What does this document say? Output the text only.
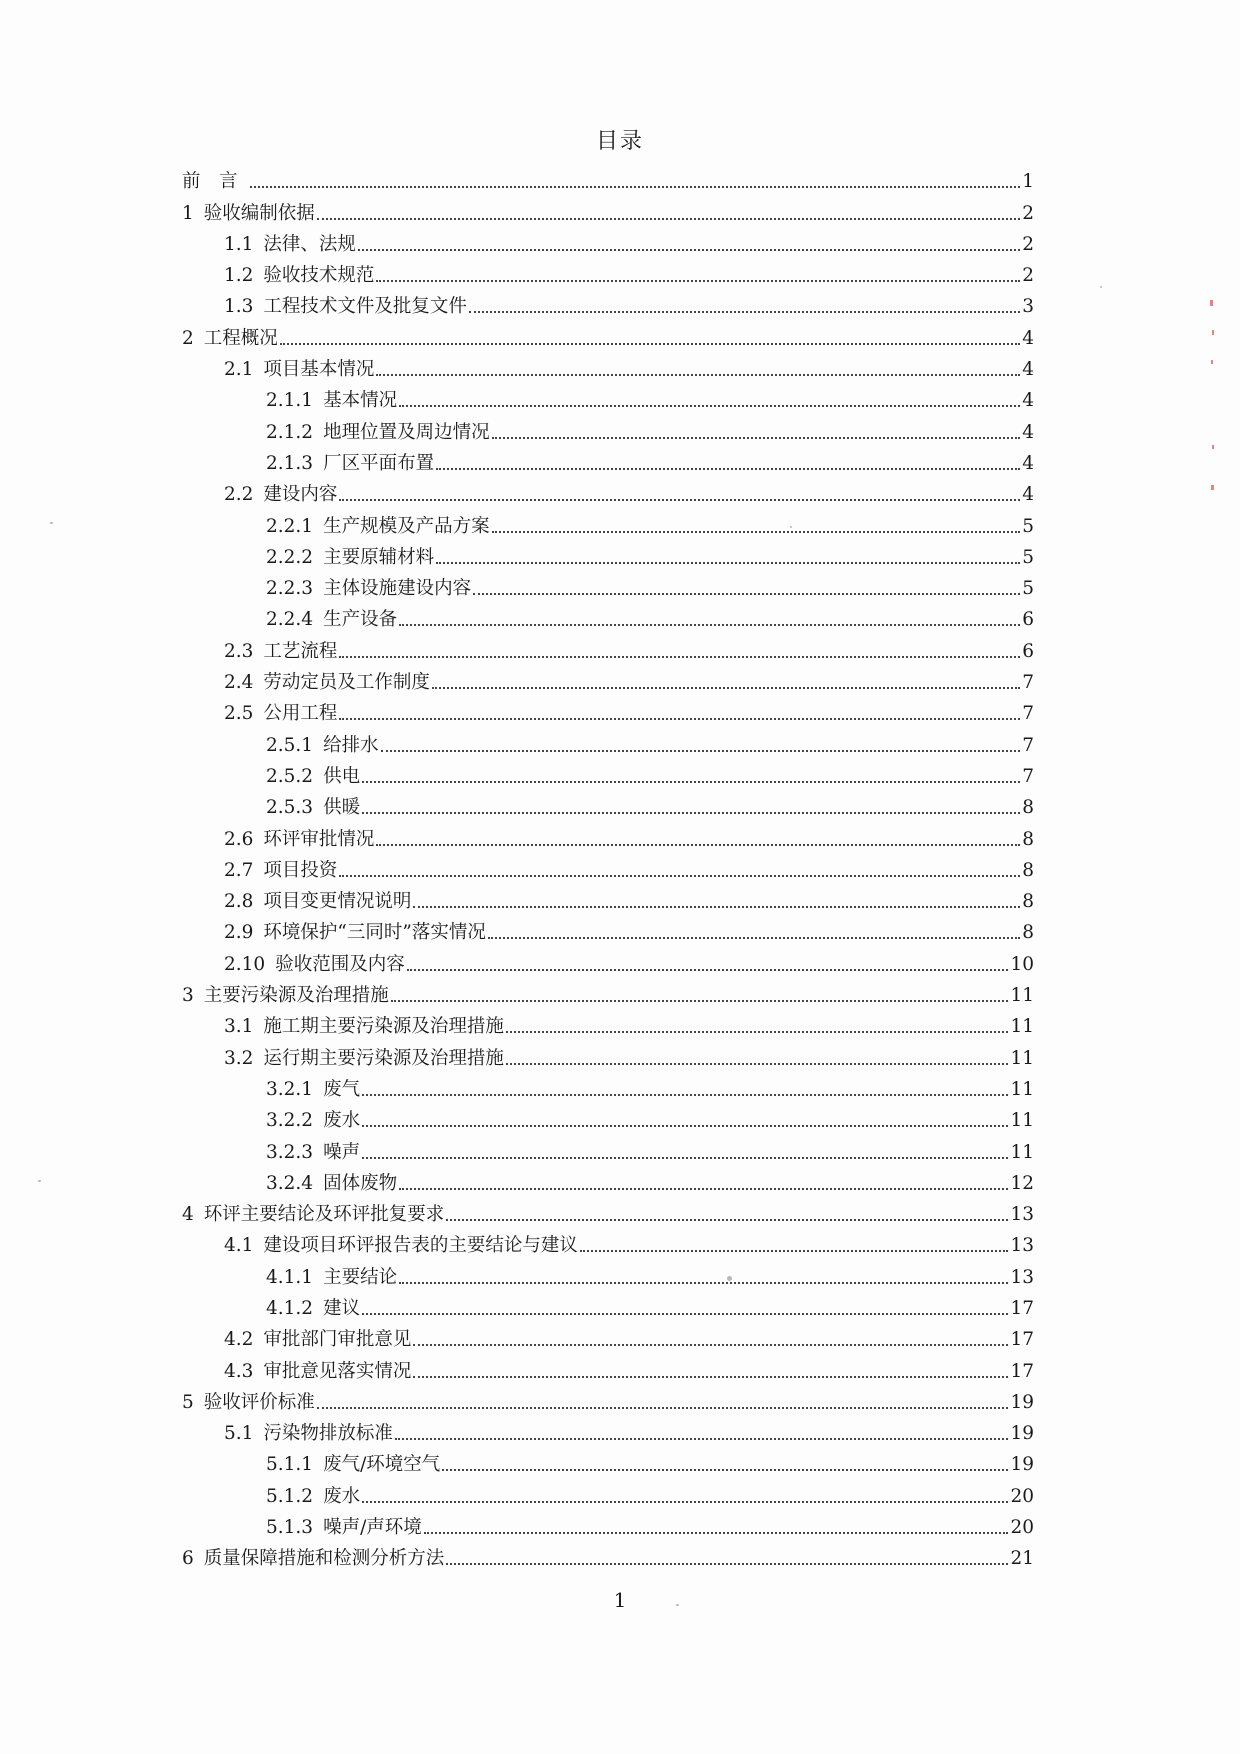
目录
前　言	1
1 验收编制依据	2
1.1 法律、法规	2
1.2 验收技术规范	2
1.3 工程技术文件及批复文件	3
2 工程概况	4
2.1 项目基本情况	4
2.1.1 基本情况	4
2.1.2 地理位置及周边情况	4
2.1.3 厂区平面布置	4
2.2 建设内容	4
2.2.1 生产规模及产品方案	5
2.2.2 主要原辅材料	5
2.2.3 主体设施建设内容	5
2.2.4 生产设备	6
2.3 工艺流程	6
2.4 劳动定员及工作制度	7
2.5 公用工程	7
2.5.1 给排水	7
2.5.2 供电	7
2.5.3 供暖	8
2.6 环评审批情况	8
2.7 项目投资	8
2.8 项目变更情况说明	8
2.9 环境保护“三同时”落实情况	8
2.10 验收范围及内容	10
3 主要污染源及治理措施	11
3.1 施工期主要污染源及治理措施	11
3.2 运行期主要污染源及治理措施	11
3.2.1 废气	11
3.2.2 废水	11
3.2.3 噪声	11
3.2.4 固体废物	12
4 环评主要结论及环评批复要求	13
4.1 建设项目环评报告表的主要结论与建议	13
4.1.1 主要结论	13
4.1.2 建议	17
4.2 审批部门审批意见	17
4.3 审批意见落实情况	17
5 验收评价标准	19
5.1 污染物排放标准	19
5.1.1 废气/环境空气	19
5.1.2 废水	20
5.1.3 噪声/声环境	20
6 质量保障措施和检测分析方法	21
1
